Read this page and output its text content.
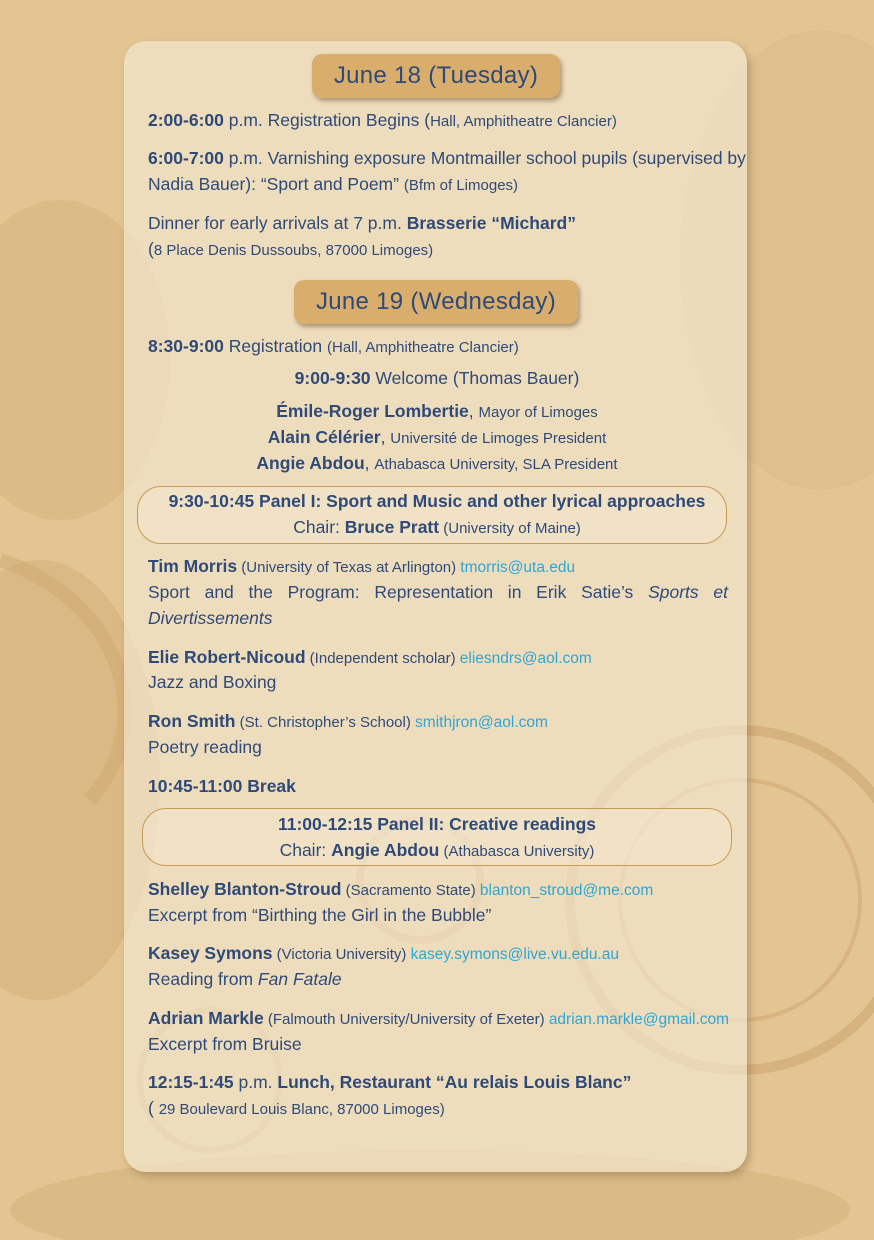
June 18 (Tuesday)
2:00-6:00 p.m. Registration Begins (Hall, Amphitheatre Clancier)
6:00-7:00 p.m. Varnishing exposure Montmailler school pupils (supervised by
Nadia Bauer): “Sport and Poem” (Bfm of Limoges)
Dinner for early arrivals at 7 p.m. Brasserie “Michard”
(8 Place Denis Dussoubs, 87000 Limoges)
June 19 (Wednesday)
8:30-9:00 Registration (Hall, Amphitheatre Clancier)
9:00-9:30 Welcome (Thomas Bauer)
Émile-Roger Lombertie, Mayor of Limoges
Alain Célérier, Université de Limoges President
Angie Abdou, Athabasca University, SLA President
9:30-10:45 Panel I: Sport and Music and other lyrical approaches
Chair: Bruce Pratt (University of Maine)
Tim Morris (University of Texas at Arlington) tmorris@uta.edu
Sport and the Program: Representation in Erik Satie’s Sports et
Divertissements
Elie Robert-Nicoud (Independent scholar) eliesndrs@aol.com
Jazz and Boxing
Ron Smith (St. Christopher’s School) smithjron@aol.com
Poetry reading
10:45-11:00 Break
11:00-12:15 Panel II: Creative readings
Chair: Angie Abdou (Athabasca University)
Shelley Blanton-Stroud (Sacramento State) blanton_stroud@me.com
Excerpt from “Birthing the Girl in the Bubble”
Kasey Symons (Victoria University) kasey.symons@live.vu.edu.au
Reading from Fan Fatale
Adrian Markle (Falmouth University/University of Exeter) adrian.markle@gmail.com
Excerpt from Bruise
12:15-1:45 p.m. Lunch, Restaurant “Au relais Louis Blanc”
( 29 Boulevard Louis Blanc, 87000 Limoges)
